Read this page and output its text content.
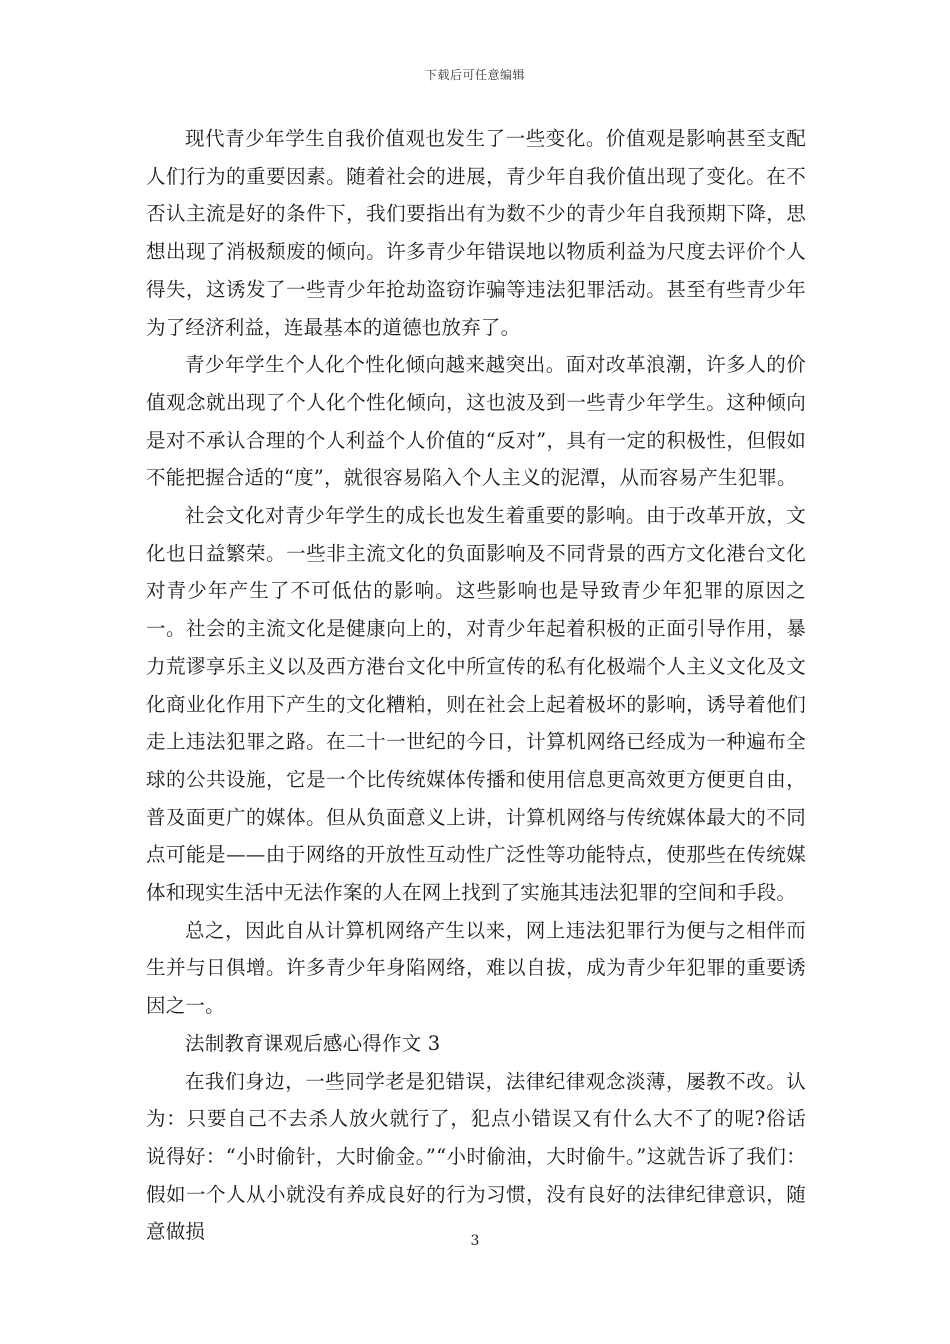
下载后可任意编辑

现代青少年学生自我价值观也发生了一些变化。价值观是影响甚至支配人们行为的重要因素。随着社会的进展，青少年自我价值出现了变化。在不否认主流是好的条件下，我们要指出有为数不少的青少年自我预期下降，思想出现了消极颓废的倾向。许多青少年错误地以物质利益为尺度去评价个人得失，这诱发了一些青少年抢劫盗窃诈骗等违法犯罪活动。甚至有些青少年为了经济利益，连最基本的道德也放弃了。

青少年学生个人化个性化倾向越来越突出。面对改革浪潮，许多人的价值观念就出现了个人化个性化倾向，这也波及到一些青少年学生。这种倾向是对不承认合理的个人利益个人价值的“反对”，具有一定的积极性，但假如不能把握合适的“度”，就很容易陷入个人主义的泥潭，从而容易产生犯罪。

社会文化对青少年学生的成长也发生着重要的影响。由于改革开放，文化也日益繁荣。一些非主流文化的负面影响及不同背景的西方文化港台文化对青少年产生了不可低估的影响。这些影响也是导致青少年犯罪的原因之一。社会的主流文化是健康向上的，对青少年起着积极的正面引导作用，暴力荒谬享乐主义以及西方港台文化中所宣传的私有化极端个人主义文化及文化商业化作用下产生的文化糟粕，则在社会上起着极坏的影响，诱导着他们走上违法犯罪之路。在二十一世纪的今日，计算机网络已经成为一种遍布全球的公共设施，它是一个比传统媒体传播和使用信息更高效更方便更自由，普及面更广的媒体。但从负面意义上讲，计算机网络与传统媒体最大的不同点可能是——由于网络的开放性互动性广泛性等功能特点，使那些在传统媒体和现实生活中无法作案的人在网上找到了实施其违法犯罪的空间和手段。

总之，因此自从计算机网络产生以来，网上违法犯罪行为便与之相伴而生并与日俱增。许多青少年身陷网络，难以自拔，成为青少年犯罪的重要诱因之一。

法制教育课观后感心得作文 3

在我们身边，一些同学老是犯错误，法律纪律观念淡薄，屡教不改。认为：只要自己不去杀人放火就行了，犯点小错误又有什么大不了的呢?俗话说得好：“小时偷针，大时偷金。”“小时偷油，大时偷牛。”这就告诉了我们：假如一个人从小就没有养成良好的行为习惯，没有良好的法律纪律意识，随意做损	3
